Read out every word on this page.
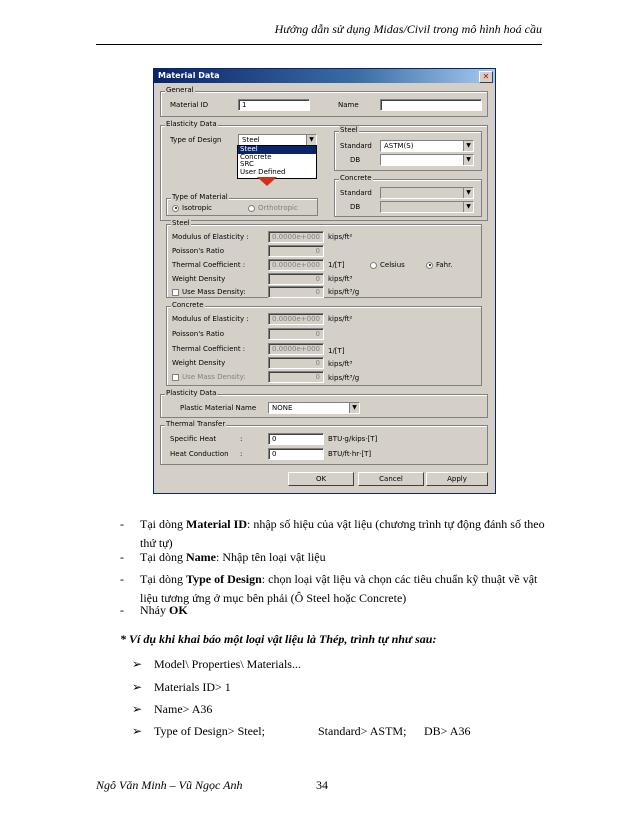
Hướng dẫn sử dụng Midas/Civil trong mô hình hoá cầu
Material Data	✕
General
Material ID	1	Name
Elasticity Data
Type of Design	Steel	▼
Steel
Concrete
SRC
User Defined
Steel
Standard ASTM(S)	▼
DB	▼
Concrete
Standard	▼
DB	▼
Type of Material
Isotropic	Orthotropic
Steel
Modulus of Elasticity :	0.0000e+000 kips/ft²
Poisson's Ratio	0
Thermal Coefficient :	0.0000e+000 1/[T]	Celsius	Fahr.
Weight Density	0 kips/ft³
Use Mass Density:	0 kips/ft³/g
Concrete
Modulus of Elasticity :	0.0000e+000 kips/ft²
Poisson's Ratio	0
Thermal Coefficient :	0.0000e+000 1/[T]
Weight Density	0 kips/ft³
Use Mass Density:	0 kips/ft³/g
Plasticity Data
Plastic Material Name NONE	▼
Thermal Transfer
Specific Heat	:	0	BTU·g/kips·[T]
Heat Conduction :	0	BTU/ft·hr·[T]
OK	Cancel	Apply
- Tại dòng Material ID: nhập số hiệu của vật liệu (chương trình tự động đánh số theo thứ tự)
- Tại dòng Name: Nhập tên loại vật liệu
- Tại dòng Type of Design: chọn loại vật liệu và chọn các tiêu chuẩn kỹ thuật về vật liệu tương ứng ở mục bên phải (Ô Steel hoặc Concrete)
- Nháy OK
* Ví dụ khi khai báo một loại vật liệu là Thép, trình tự như sau:
➢ Model\ Properties\ Materials...
➢ Materials ID> 1
➢ Name> A36
➢ Type of Design> Steel;	Standard> ASTM; DB> A36
Ngô Văn Minh – Vũ Ngọc Anh	34
